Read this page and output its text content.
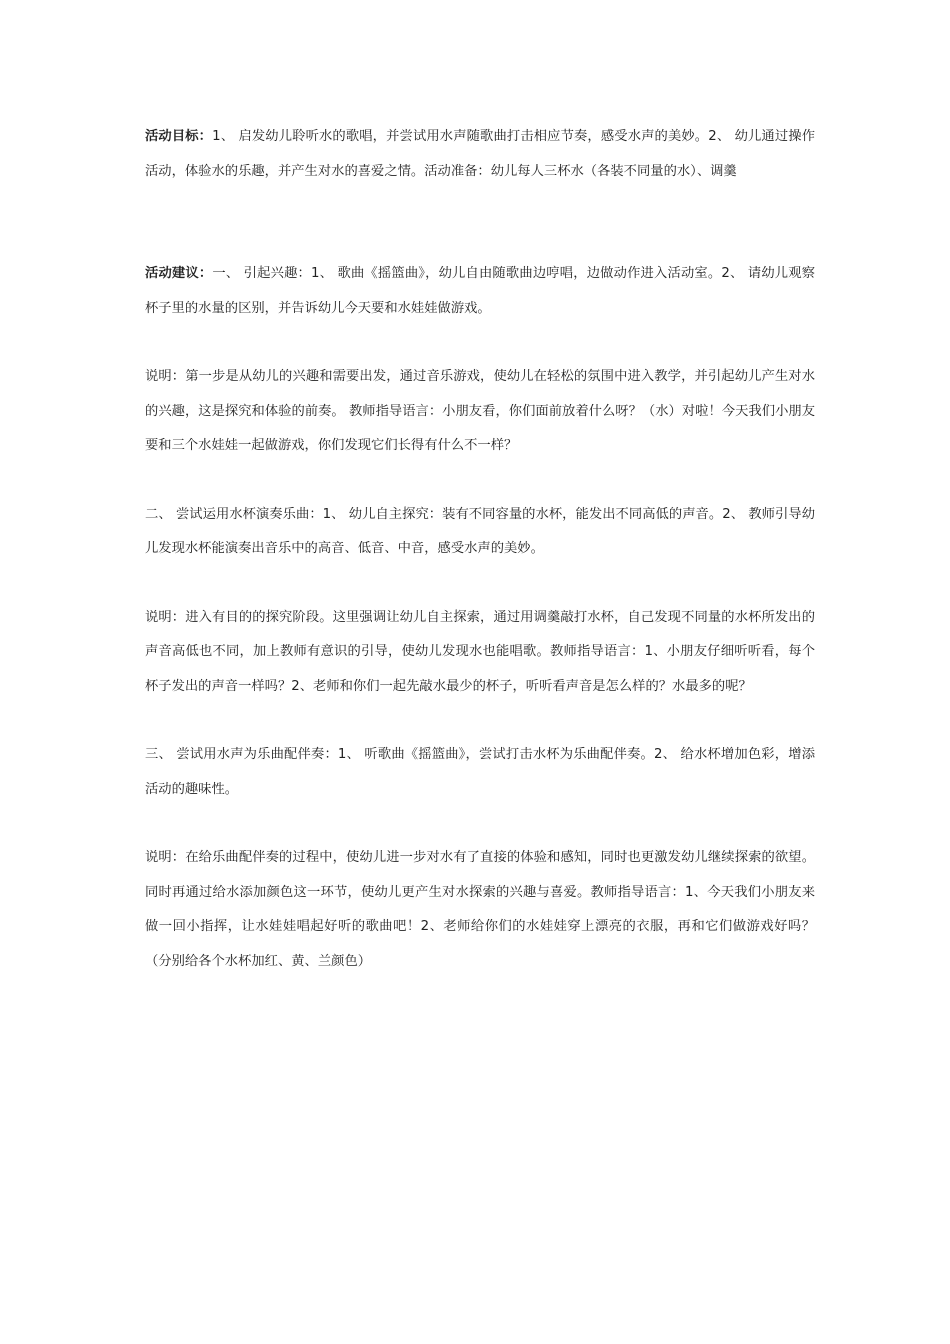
活动目标：1、 启发幼儿聆听水的歌唱，并尝试用水声随歌曲打击相应节奏，感受水声的美妙。2、 幼儿通过操作活动，体验水的乐趣，并产生对水的喜爱之情。活动准备：幼儿每人三杯水（各装不同量的水）、调羹

活动建议：一、 引起兴趣：1、 歌曲《摇篮曲》，幼儿自由随歌曲边哼唱，边做动作进入活动室。2、 请幼儿观察杯子里的水量的区别，并告诉幼儿今天要和水娃娃做游戏。

说明：第一步是从幼儿的兴趣和需要出发，通过音乐游戏，使幼儿在轻松的氛围中进入教学，并引起幼儿产生对水的兴趣，这是探究和体验的前奏。 教师指导语言：小朋友看，你们面前放着什么呀？（水）对啦！今天我们小朋友要和三个水娃娃一起做游戏，你们发现它们长得有什么不一样？

二、 尝试运用水杯演奏乐曲：1、 幼儿自主探究：装有不同容量的水杯，能发出不同高低的声音。2、 教师引导幼儿发现水杯能演奏出音乐中的高音、低音、中音，感受水声的美妙。

说明：进入有目的的探究阶段。这里强调让幼儿自主探索，通过用调羹敲打水杯，自己发现不同量的水杯所发出的声音高低也不同，加上教师有意识的引导，使幼儿发现水也能唱歌。教师指导语言：1、小朋友仔细听听看，每个杯子发出的声音一样吗？2、老师和你们一起先敲水最少的杯子，听听看声音是怎么样的？水最多的呢？

三、 尝试用水声为乐曲配伴奏：1、 听歌曲《摇篮曲》，尝试打击水杯为乐曲配伴奏。2、 给水杯增加色彩，增添活动的趣味性。

说明：在给乐曲配伴奏的过程中，使幼儿进一步对水有了直接的体验和感知，同时也更激发幼儿继续探索的欲望。同时再通过给水添加颜色这一环节，使幼儿更产生对水探索的兴趣与喜爱。教师指导语言：1、今天我们小朋友来做一回小指挥，让水娃娃唱起好听的歌曲吧！2、老师给你们的水娃娃穿上漂亮的衣服，再和它们做游戏好吗？（分别给各个水杯加红、黄、兰颜色）
